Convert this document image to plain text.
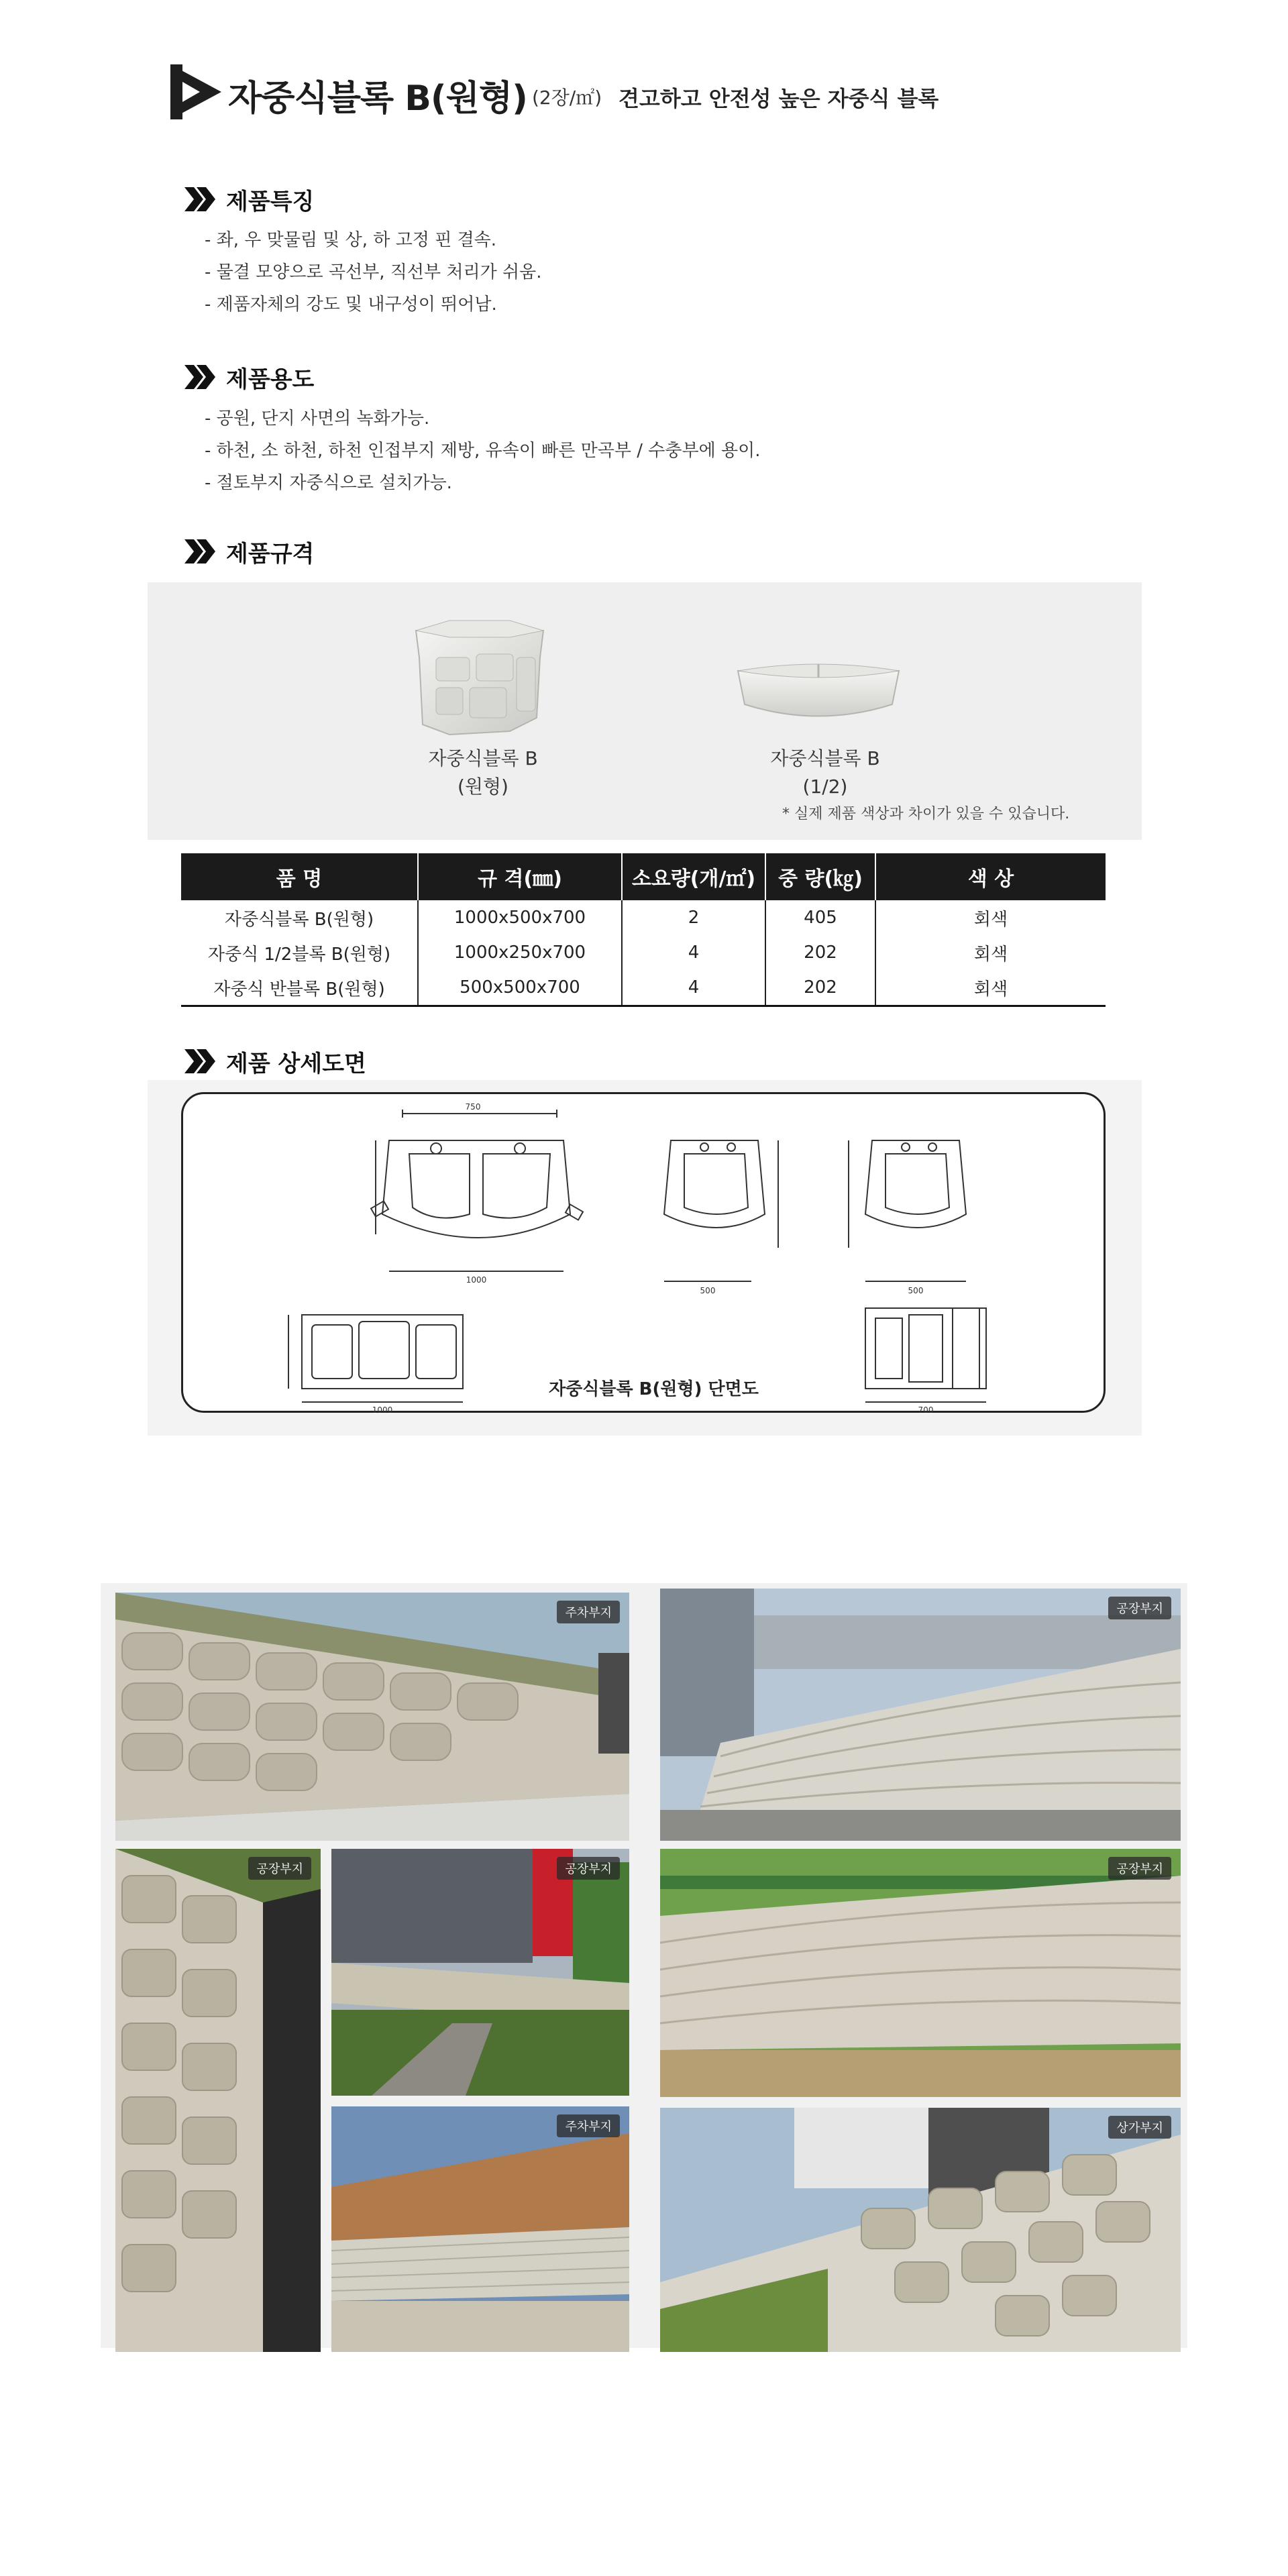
자중식블록 B(원형) (2장/㎡) 견고하고 안전성 높은 자중식 블록
제품특징
- 좌, 우 맞물림 및 상, 하 고정 핀 결속.
- 물결 모양으로 곡선부, 직선부 처리가 쉬움.
- 제품자체의 강도 및 내구성이 뛰어남.
제품용도
- 공원, 단지 사면의 녹화가능.
- 하천, 소 하천, 하천 인접부지 제방, 유속이 빠른 만곡부 / 수충부에 용이.
- 절토부지 자중식으로 설치가능.
제품규격
자중식블록 B
(원형)
자중식블록 B
(1/2)
* 실제 제품 색상과 차이가 있을 수 있습니다.
품 명	규 격(㎜)	소요량(개/㎡)	중 량(㎏)	색 상
자중식블록 B(원형)	1000x500x700	2	405	회색
자중식 1/2블록 B(원형)	1000x250x700	4	202	회색
자중식 반블록 B(원형)	500x500x700	4	202	회색
제품 상세도면
750
1000
500	500
1000	700
자중식블록 B(원형) 단면도
주차부지	공장부지
공장부지	공장부지	공장부지
주차부지	상가부지
